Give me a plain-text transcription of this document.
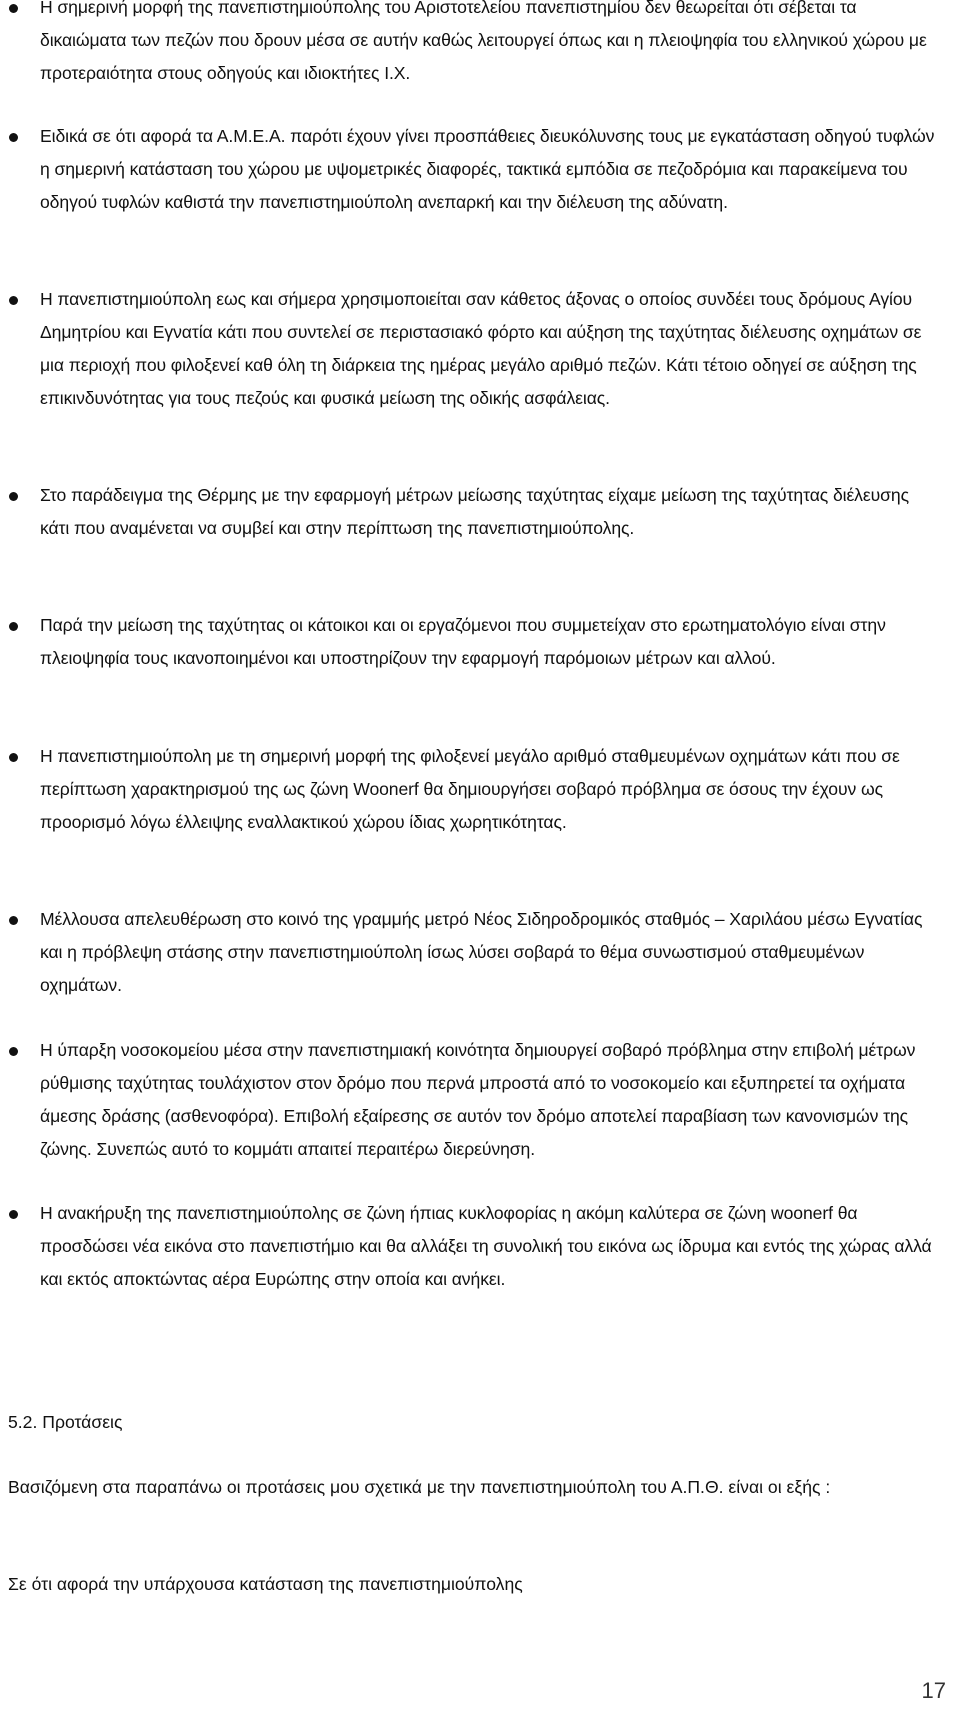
Η σημερινή μορφή της πανεπιστημιούπολης του Αριστοτελείου πανεπιστημίου δεν θεωρείται ότι σέβεται τα δικαιώματα των πεζών που δρουν μέσα σε αυτήν καθώς λειτουργεί όπως και η πλειοψηφία του ελληνικού χώρου με προτεραιότητα στους οδηγούς και ιδιοκτήτες Ι.Χ.
Ειδικά σε ότι αφορά τα Α.Μ.Ε.Α. παρότι έχουν γίνει προσπάθειες διευκόλυνσης τους με εγκατάσταση οδηγού τυφλών η σημερινή κατάσταση του χώρου με υψομετρικές διαφορές, τακτικά εμπόδια σε πεζοδρόμια και παρακείμενα του οδηγού τυφλών καθιστά την πανεπιστημιούπολη ανεπαρκή και την διέλευση της αδύνατη.
Η πανεπιστημιούπολη εως και σήμερα χρησιμοποιείται σαν κάθετος άξονας ο οποίος συνδέει τους δρόμους Αγίου Δημητρίου και Εγνατία κάτι που συντελεί σε περιστασιακό φόρτο και αύξηση της ταχύτητας διέλευσης οχημάτων σε μια περιοχή που φιλοξενεί καθ όλη τη διάρκεια της ημέρας μεγάλο αριθμό πεζών. Κάτι τέτοιο οδηγεί σε αύξηση της επικινδυνότητας για τους πεζούς και φυσικά μείωση της οδικής ασφάλειας.
Στο παράδειγμα της Θέρμης με την εφαρμογή μέτρων μείωσης ταχύτητας είχαμε μείωση της ταχύτητας διέλευσης κάτι που αναμένεται να συμβεί και στην περίπτωση της πανεπιστημιούπολης.
Παρά την μείωση της ταχύτητας οι κάτοικοι και οι εργαζόμενοι που συμμετείχαν στο ερωτηματολόγιο είναι στην πλειοψηφία τους ικανοποιημένοι και υποστηρίζουν την εφαρμογή παρόμοιων μέτρων και αλλού.
Η πανεπιστημιούπολη με τη σημερινή μορφή της φιλοξενεί μεγάλο αριθμό σταθμευμένων οχημάτων κάτι που σε περίπτωση χαρακτηρισμού της ως ζώνη Woonerf θα δημιουργήσει σοβαρό πρόβλημα σε όσους την έχουν ως προορισμό λόγω έλλειψης εναλλακτικού χώρου ίδιας χωρητικότητας.
Μέλλουσα απελευθέρωση στο κοινό της γραμμής μετρό Νέος Σιδηροδρομικός σταθμός – Χαριλάου μέσω Εγνατίας και η πρόβλεψη στάσης στην πανεπιστημιούπολη ίσως λύσει σοβαρά το θέμα συνωστισμού σταθμευμένων οχημάτων.
Η ύπαρξη νοσοκομείου μέσα στην πανεπιστημιακή κοινότητα δημιουργεί σοβαρό πρόβλημα στην επιβολή μέτρων ρύθμισης ταχύτητας τουλάχιστον στον δρόμο που περνά μπροστά από το νοσοκομείο και εξυπηρετεί τα οχήματα άμεσης δράσης (ασθενοφόρα). Επιβολή εξαίρεσης σε αυτόν τον δρόμο αποτελεί παραβίαση των κανονισμών της ζώνης. Συνεπώς αυτό το κομμάτι απαιτεί περαιτέρω διερεύνηση.
Η ανακήρυξη της πανεπιστημιούπολης σε ζώνη ήπιας κυκλοφορίας η ακόμη καλύτερα σε ζώνη woonerf θα προσδώσει νέα εικόνα στο πανεπιστήμιο και θα αλλάξει τη συνολική του εικόνα ως ίδρυμα και εντός της χώρας αλλά και εκτός αποκτώντας αέρα Ευρώπης στην οποία και ανήκει.
5.2. Προτάσεις
Βασιζόμενη στα παραπάνω οι προτάσεις μου σχετικά με την πανεπιστημιούπολη του Α.Π.Θ. είναι οι εξής :
Σε ότι αφορά την υπάρχουσα κατάσταση της πανεπιστημιούπολης
17
